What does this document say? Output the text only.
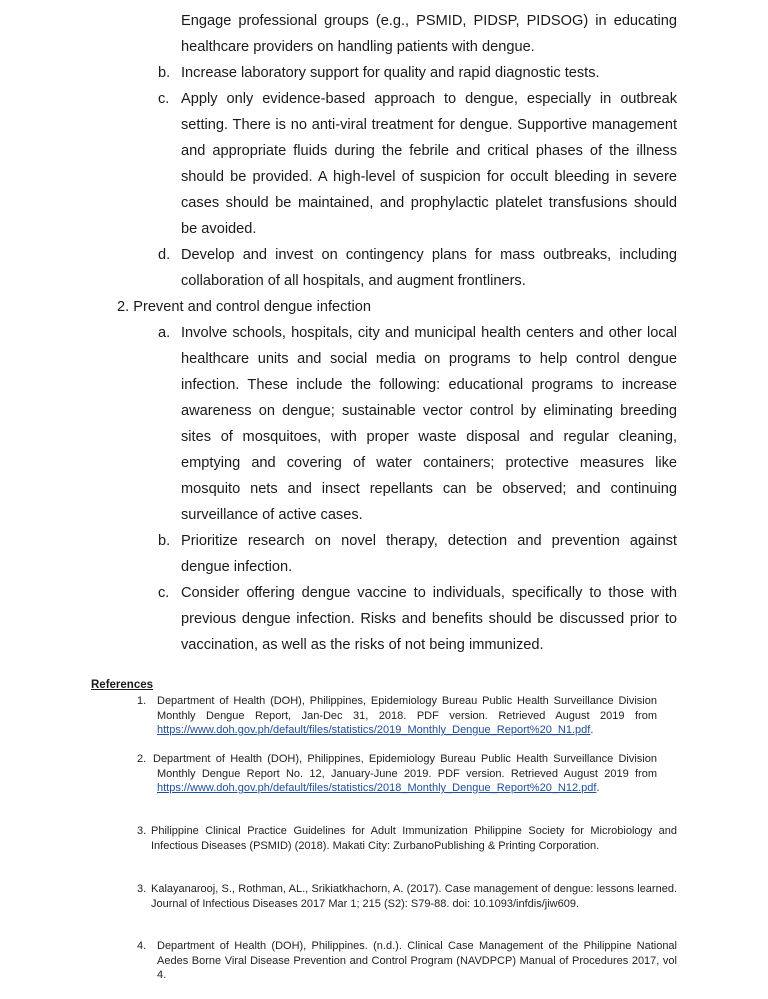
Engage professional groups (e.g., PSMID, PIDSP, PIDSOG) in educating healthcare providers on handling patients with dengue.
b. Increase laboratory support for quality and rapid diagnostic tests.
c. Apply only evidence-based approach to dengue, especially in outbreak setting. There is no anti-viral treatment for dengue. Supportive management and appropriate fluids during the febrile and critical phases of the illness should be provided. A high-level of suspicion for occult bleeding in severe cases should be maintained, and prophylactic platelet transfusions should be avoided.
d. Develop and invest on contingency plans for mass outbreaks, including collaboration of all hospitals, and augment frontliners.
2. Prevent and control dengue infection
a. Involve schools, hospitals, city and municipal health centers and other local healthcare units and social media on programs to help control dengue infection. These include the following: educational programs to increase awareness on dengue; sustainable vector control by eliminating breeding sites of mosquitoes, with proper waste disposal and regular cleaning, emptying and covering of water containers; protective measures like mosquito nets and insect repellants can be observed; and continuing surveillance of active cases.
b. Prioritize research on novel therapy, detection and prevention against dengue infection.
c. Consider offering dengue vaccine to individuals, specifically to those with previous dengue infection. Risks and benefits should be discussed prior to vaccination, as well as the risks of not being immunized.
References
1. Department of Health (DOH), Philippines, Epidemiology Bureau Public Health Surveillance Division Monthly Dengue Report, Jan-Dec 31, 2018. PDF version. Retrieved August 2019 from https://www.doh.gov.ph/default/files/statistics/2019_Monthly_Dengue_Report%20_N1.pdf.
2. Department of Health (DOH), Philippines, Epidemiology Bureau Public Health Surveillance Division Monthly Dengue Report No. 12, January-June 2019. PDF version. Retrieved August 2019 from https://www.doh.gov.ph/default/files/statistics/2018_Monthly_Dengue_Report%20_N12.pdf.
3. Philippine Clinical Practice Guidelines for Adult Immunization Philippine Society for Microbiology and Infectious Diseases (PSMID) (2018). Makati City: ZurbanoPublishing & Printing Corporation.
3. Kalayanarooj, S., Rothman, AL., Srikiatkhachorn, A. (2017). Case management of dengue: lessons learned. Journal of Infectious Diseases 2017 Mar 1; 215 (S2): S79-88. doi: 10.1093/infdis/jiw609.
4. Department of Health (DOH), Philippines. (n.d.). Clinical Case Management of the Philippine National Aedes Borne Viral Disease Prevention and Control Program (NAVDPCP) Manual of Procedures 2017, vol 4.
